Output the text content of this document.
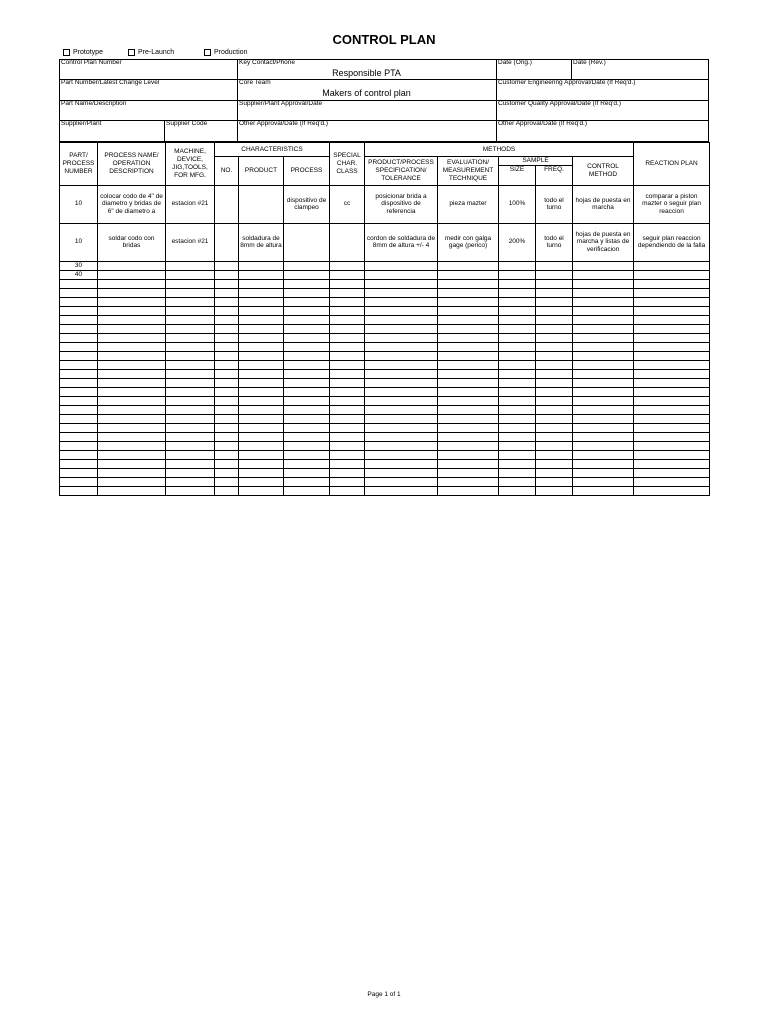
CONTROL PLAN
Prototype	Pre-Launch	Production
Control Plan Number	Key Contact/Phone
Responsible PTA
Date (Orig.)	Date (Rev.)
Part Number/Latest Change Level	Core Team
Makers of control plan
Customer Engineering Approval/Date (If Req'd.)
Part Name/Description	Supplier/Plant Approval/Date	Customer Quality Approval/Date (If Req'd.)
Supplier/Plant	Supplier Code	Other Approval/Date (If Req'd.)	Other Approval/Date (If Req'd.)
PART/ PROCESS NUMBER	PROCESS NAME/ OPERATION DESCRIPTION	MACHINE, DEVICE, JIG,TOOLS, FOR MFG.	CHARACTERISTICS			SPECIAL CHAR. CLASS	METHODS					REACTION PLAN
			NO.	PRODUCT	PROCESS		PRODUCT/PROCESS SPECIFICATION/ TOLERANCE	EVALUATION/ MEASUREMENT TECHNIQUE	SAMPLE		CONTROL METHOD	
									SIZE	FREQ.		
10	colocar codo de 4" de diametro y bridas de 6" de diametro a	estacion #21			dispositivo de clampeo	cc	posicionar brida a dispositivo de referencia	pieza mazter	100%	todo el turno	hojas de puesta en marcha	comparar a piston mazter o seguir plan reaccion
10	soldar codo con bridas	estacion #21		soldadura de 8mm de altura			cordon de soldadura de 8mm de altura +/- 4	medir con galga gage (perico)	200%	todo el turno	hojas de puesta en marcha y listas de verificacion	seguir plan reaccion dependiendo de la falla
30												
40												

Page 1 of 1
